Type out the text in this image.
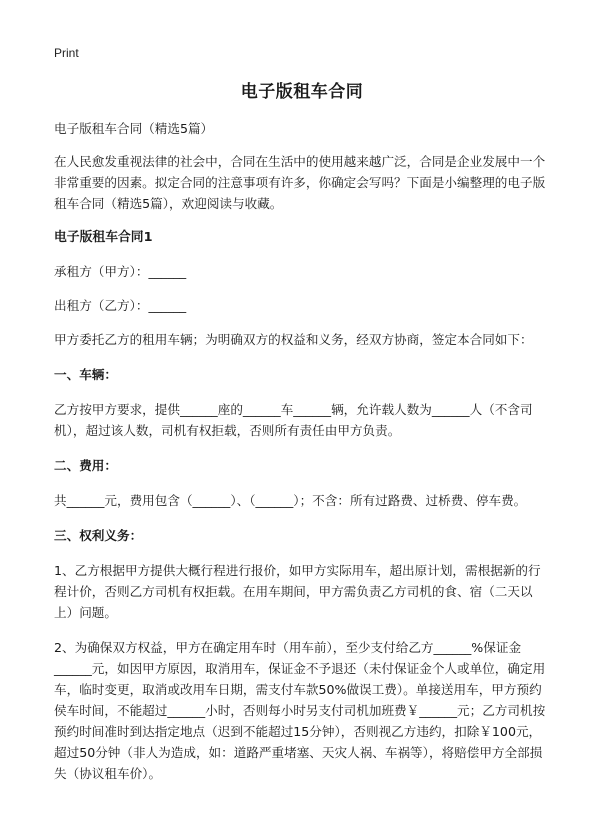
Print
电子版租车合同

电子版租车合同（精选5篇）

在人民愈发重视法律的社会中，合同在生活中的使用越来越广泛，合同是企业发展中一个非常重要的因素。拟定合同的注意事项有许多，你确定会写吗？下面是小编整理的电子版租车合同（精选5篇），欢迎阅读与收藏。

电子版租车合同1

承租方（甲方）：______

出租方（乙方）：______

甲方委托乙方的租用车辆；为明确双方的权益和义务，经双方协商，签定本合同如下：

一、车辆：

乙方按甲方要求，提供______座的______车______辆，允许载人数为______人（不含司机），超过该人数，司机有权拒载，否则所有责任由甲方负责。

二、费用：

共______元，费用包含（______）、（______）；不含：所有过路费、过桥费、停车费。

三、权利义务：

1、乙方根据甲方提供大概行程进行报价，如甲方实际用车，超出原计划，需根据新的行程计价，否则乙方司机有权拒载。在用车期间，甲方需负责乙方司机的食、宿（二天以上）问题。

2、为确保双方权益，甲方在确定用车时（用车前），至少支付给乙方______%保证金______元，如因甲方原因，取消用车，保证金不予退还（未付保证金个人或单位，确定用车，临时变更，取消或改用车日期，需支付车款50%做误工费）。单接送用车，甲方预约侯车时间，不能超过______小时，否则每小时另支付司机加班费￥______元；乙方司机按预约时间准时到达指定地点（迟到不能超过15分钟），否则视乙方违约，扣除￥100元，超过50分钟（非人为造成，如：道路严重堵塞、天灾人祸、车祸等），将赔偿甲方全部损失（协议租车价）。
